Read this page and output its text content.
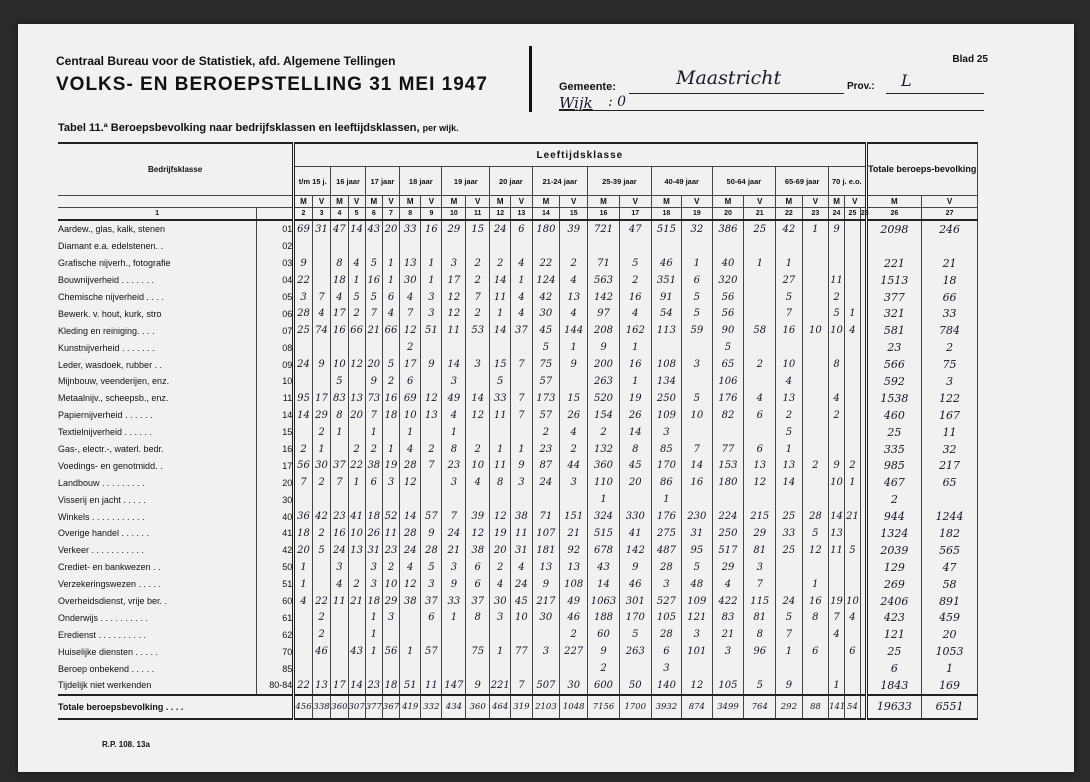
Centraal Bureau voor de Statistiek, afd. Algemene Tellingen
VOLKS- EN BEROEPSTELLING 31 MEI 1947
Blad 25
Gemeente:	Maastricht	Prov.: L
Wijk : 0
Tabel 11.ª Beroepsbevolking naar bedrijfsklassen en leeftijdsklassen, per wijk.
Bedrijfsklasse		Leeftijdsklasse																									Totale beroeps-bevolking	

		t/m 15 j.		16 jaar		17 jaar		18 jaar		19 jaar		20 jaar		21-24 jaar		25-39 jaar		40-49 jaar		50-64 jaar		65-69 jaar		70 j. e.o.				
		M	V	M	V	M	V	M	V	M	V	M	V	M	V	M	V	M	V	M	V	M	V	M	V		M	V
1		2	3	4	5	6	7	8	9	10	11	12	13	14	15	16	17	18	19	20	21	22	23	24	25	26	26	27
Aardew., glas, kalk, stenen	01	69	31	47	14	43	20	33	16	29	15	24	6	180	39	721	47	515	32	386	25	42	1	9			2098	246
Diamant e.a. edelstenen. .	02																											
Grafische nijverh., fotografie	03	9		8	4	5	1	13	1	3	2	2	4	22	2	71	5	46	1	40	1	1					221	21
Bouwnijverheid . . . . . . .	04	22		18	1	16	1	30	1	17	2	14	1	124	4	563	2	351	6	320		27		11			1513	18
Chemische nijverheid . . . .	05	3	7	4	5	5	6	4	3	12	7	11	4	42	13	142	16	91	5	56		5		2			377	66
Bewerk. v. hout, kurk, stro	06	28	4	17	2	7	4	7	3	12	2	1	4	30	4	97	4	54	5	56		7		5	1		321	33
Kleding en reiniging. . . .	07	25	74	16	66	21	66	12	51	11	53	14	37	45	144	208	162	113	59	90	58	16	10	10	4		581	784
Kunstnijverheid . . . . . . .	08							2						5	1	9	1			5							23	2
Leder, wasdoek, rubber . .	09	24	9	10	12	20	5	17	9	14	3	15	7	75	9	200	16	108	3	65	2	10		8			566	75
Mijnbouw, veenderijen, enz.	10			5		9	2	6		3		5		57		263	1	134		106		4					592	3
Metaalnijv., scheepsb., enz.	11	95	17	83	13	73	16	69	12	49	14	33	7	173	15	520	19	250	5	176	4	13		4			1538	122
Papiernijverheid . . . . . .	14	14	29	8	20	7	18	10	13	4	12	11	7	57	26	154	26	109	10	82	6	2		2			460	167
Textielnijverheid . . . . . .	15		2	1		1		1		1				2	4	2	14	3				5					25	11
Gas-, electr.-, waterl. bedr.	16	2	1		2	2	1	4	2	8	2	1	1	23	2	132	8	85	7	77	6	1					335	32
Voedings- en genotmidd. .	17	56	30	37	22	38	19	28	7	23	10	11	9	87	44	360	45	170	14	153	13	13	2	9	2		985	217
Landbouw . . . . . . . . .	20	7	2	7	1	6	3	12		3	4	8	3	24	3	110	20	86	16	180	12	14		10	1		467	65
Visserij en jacht . . . . .	30															1		1									2	
Winkels . . . . . . . . . . .	40	36	42	23	41	18	52	14	57	7	39	12	38	71	151	324	330	176	230	224	215	25	28	14	21		944	1244
Overige handel . . . . . .	41	18	2	16	10	26	11	28	9	24	12	19	11	107	21	515	41	275	31	250	29	33	5	13			1324	182
Verkeer . . . . . . . . . . .	42	20	5	24	13	31	23	24	28	21	38	20	31	181	92	678	142	487	95	517	81	25	12	11	5		2039	565
Crediet- en bankwezen . .	50	1		3		3	2	4	5	3	6	2	4	13	13	43	9	28	5	29	3						129	47
Verzekeringswezen . . . . .	51	1		4	2	3	10	12	3	9	6	4	24	9	108	14	46	3	48	4	7		1				269	58
Overheidsdienst, vrije ber. .	60	4	22	11	21	18	29	38	37	33	37	30	45	217	49	1063	301	527	109	422	115	24	16	19	10		2406	891
Onderwijs . . . . . . . . . .	61		2			1	3		6	1	8	3	10	30	46	188	170	105	121	83	81	5	8	7	4		423	459
Eredienst . . . . . . . . . .	62		2			1									2	60	5	28	3	21	8	7		4			121	20
Huiselijke diensten . . . . .	70		46		43	1	56	1	57		75	1	77	3	227	9	263	6	101	3	96	1	6		6		25	1053
Beroep onbekend . . . . .	85															2		3									6	1
Tijdelijk niet werkenden	80-84	22	13	17	14	23	18	51	11	147	9	221	7	507	30	600	50	140	12	105	5	9		1			1843	169
Totale beroepsbevolking . . . .		456	338	360	307	377	367	419	332	434	360	464	319	2103	1048	7156	1700	3932	874	3499	764	292	88	141	54		19633	6551
R.P. 108. 13a
